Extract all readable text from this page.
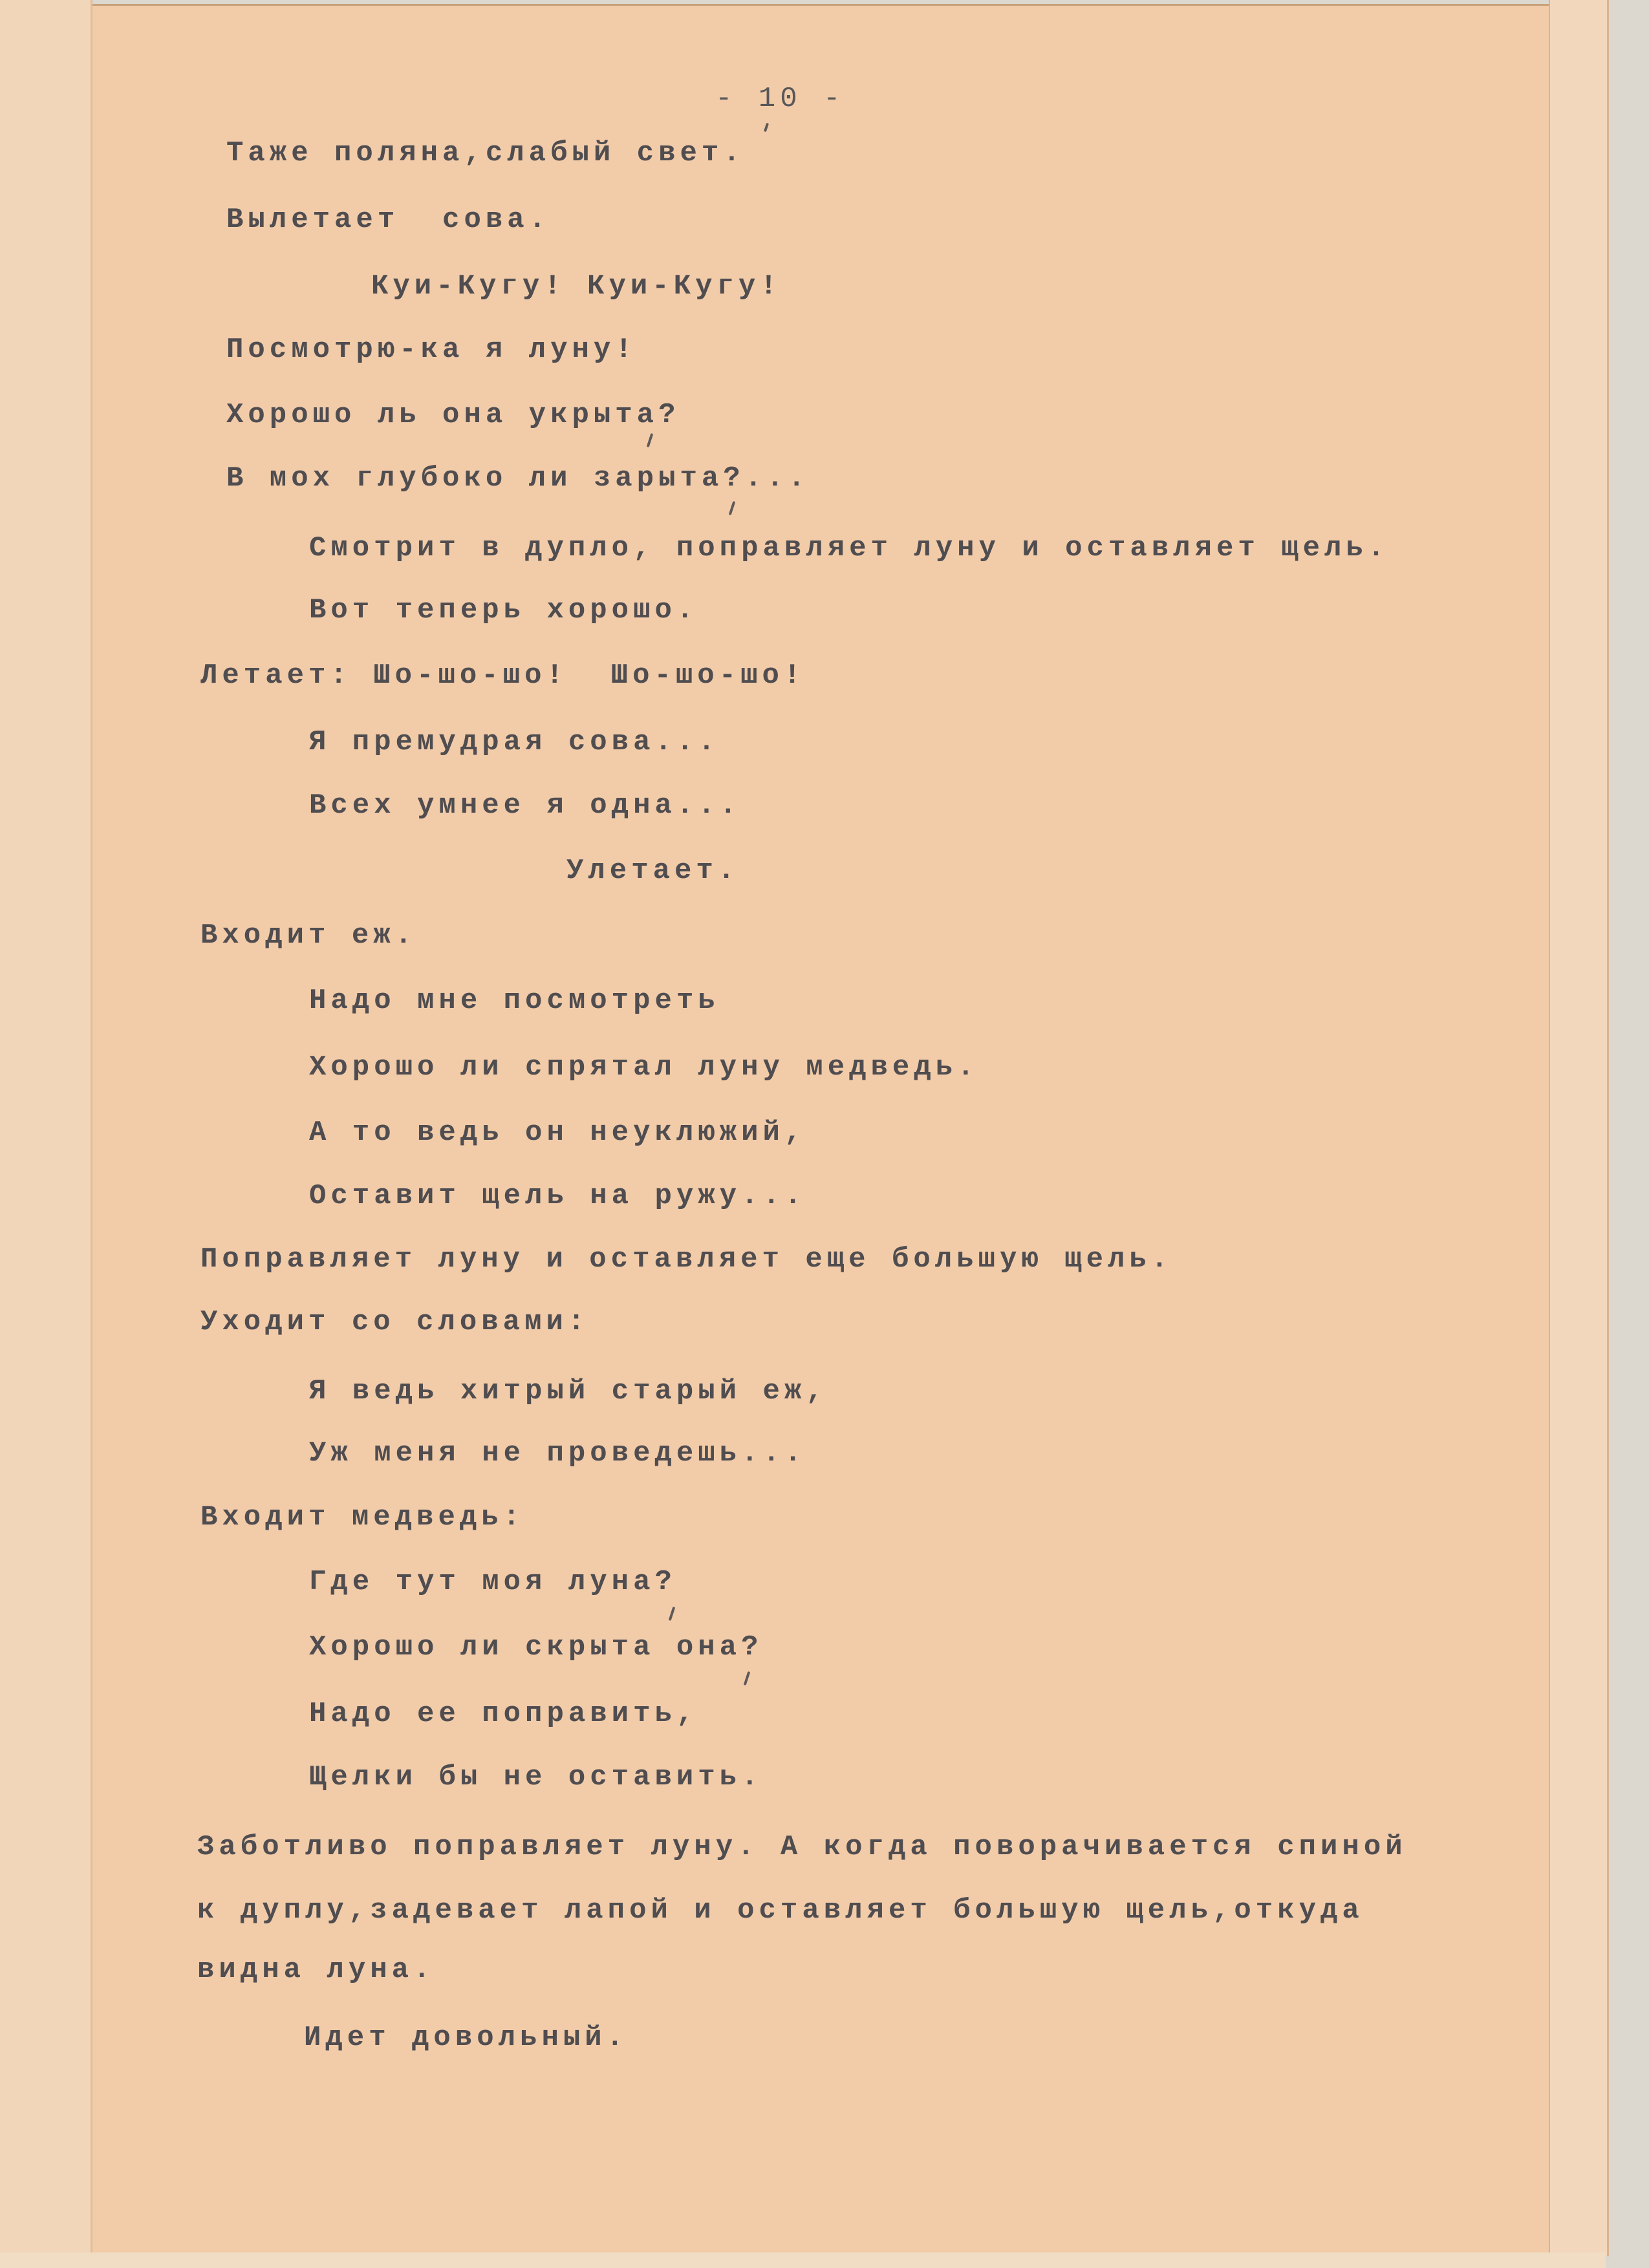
- 10 -
Таже поляна,слабый свет.
Вылетает  сова.
Куи-Кугу! Куи-Кугу!
Посмотрю-ка я луну!
Хорошо ль она укрыта?
В мох глубоко ли зарыта?...
Смотрит в дупло, поправляет луну и оставляет щель.
Вот теперь хорошо.
Летает: Шо-шо-шо!  Шо-шо-шо!
Я премудрая сова...
Всех умнее я одна...
Улетает.
Входит еж.
Надо мне посмотреть
Хорошо ли спрятал луну медведь.
А то ведь он неуклюжий,
Оставит щель на ружу...
Поправляет луну и оставляет еще большую щель.
Уходит со словами:
Я ведь хитрый старый еж,
Уж меня не проведешь...
Входит медведь:
Где тут моя луна?
Хорошо ли скрыта она?
Надо ее поправить,
Щелки бы не оставить.
Заботливо поправляет луну. А когда поворачивается спиной
к дуплу,задевает лапой и оставляет большую щель,откуда
видна луна.
Идет довольный.
